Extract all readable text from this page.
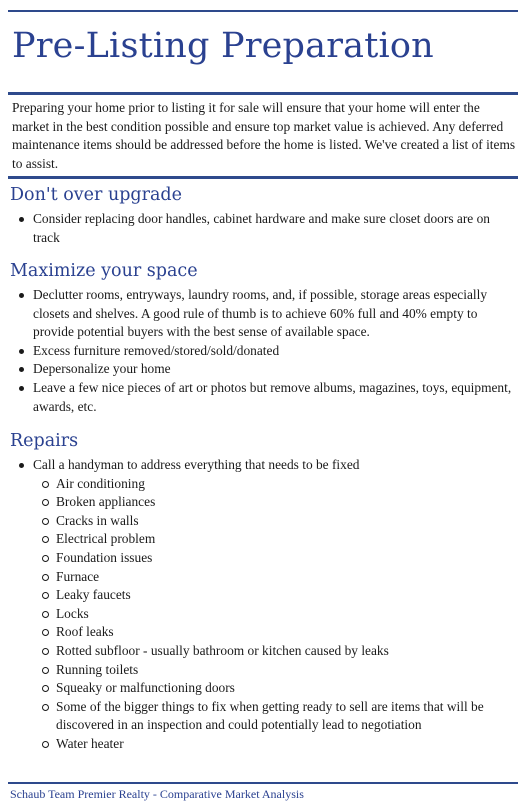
Pre-Listing Preparation

Preparing your home prior to listing it for sale will ensure that your home will enter the market in the best condition possible and ensure top market value is achieved. Any deferred maintenance items should be addressed before the home is listed. We've created a list of items to assist.

Don't over upgrade
Consider replacing door handles, cabinet hardware and make sure closet doors are on track
Maximize your space
Declutter rooms, entryways, laundry rooms, and, if possible, storage areas especially closets and shelves. A good rule of thumb is to achieve 60% full and 40% empty to provide potential buyers with the best sense of available space.
Excess furniture removed/stored/sold/donated
Depersonalize your home
Leave a few nice pieces of art or photos but remove albums, magazines, toys, equipment, awards, etc.
Repairs
Call a handyman to address everything that needs to be fixed
Air conditioning
Broken appliances
Cracks in walls
Electrical problem
Foundation issues
Furnace
Leaky faucets
Locks
Roof leaks
Rotted subfloor - usually bathroom or kitchen caused by leaks
Running toilets
Squeaky or malfunctioning doors
Some of the bigger things to fix when getting ready to sell are items that will be discovered in an inspection and could potentially lead to negotiation
Water heater

Schaub Team Premier Realty - Comparative Market Analysis
